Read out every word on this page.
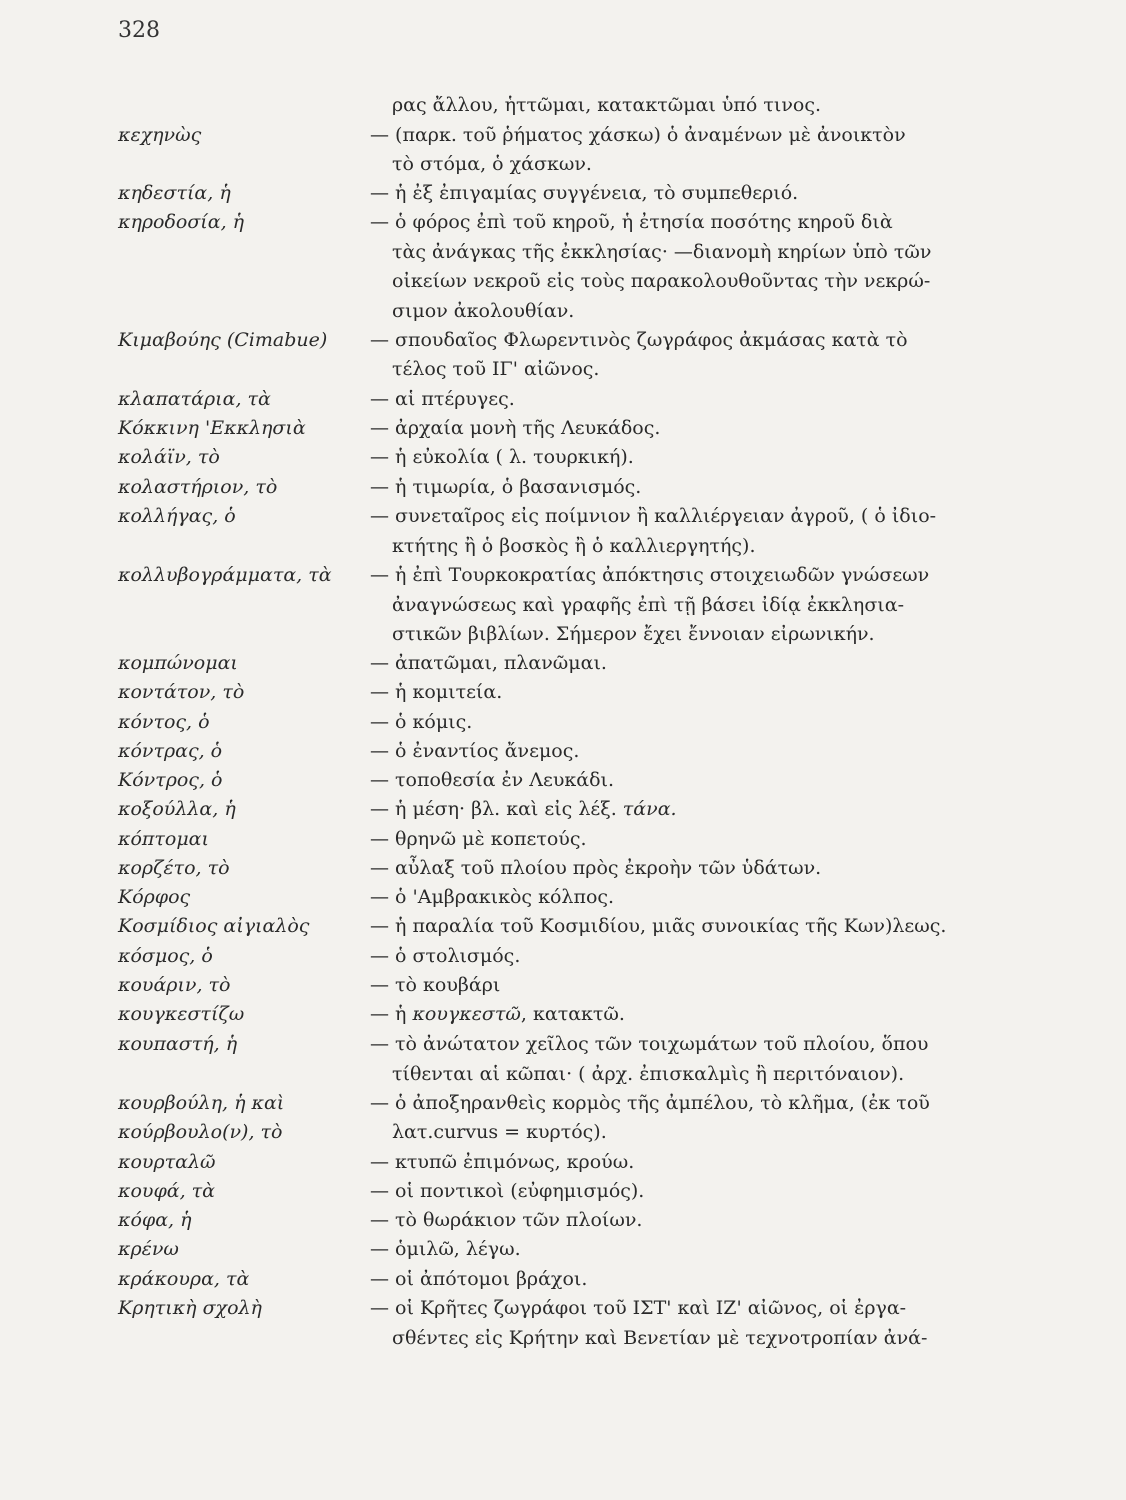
328
ρας ἄλλου, ἡττῶμαι, κατακτῶμαι ὑπό τινος.
κεχηνὼς	— (παρκ. τοῦ ῥήματος χάσκω) ὁ ἀναμένων μὲ ἀνοικτὸν
τὸ στόμα, ὁ χάσκων.
κηδεστία, ἡ	— ἡ ἐξ ἐπιγαμίας συγγένεια, τὸ συμπεθεριό.
κηροδοσία, ἡ	— ὁ φόρος ἐπὶ τοῦ κηροῦ, ἡ ἐτησία ποσότης κηροῦ διὰ
τὰς ἀνάγκας τῆς ἐκκλησίας· —διανομὴ κηρίων ὑπὸ τῶν
οἰκείων νεκροῦ εἰς τοὺς παρακολουθοῦντας τὴν νεκρώ-
σιμον ἀκολουθίαν.
Κιμαβούης (Cimabue) — σπουδαῖος Φλωρεντινὸς ζωγράφος ἀκμάσας κατὰ τὸ
τέλος τοῦ ΙΓ' αἰῶνος.
κλαπατάρια, τὰ	— αἱ πτέρυγες.
Κόκκινη 'Εκκλησιὰ	— ἀρχαία μονὴ τῆς Λευκάδος.
κολάϊν, τὸ	— ἡ εὐκολία ( λ. τουρκική).
κολαστήριον, τὸ	— ἡ τιμωρία, ὁ βασανισμός.
κολλήγας, ὁ	— συνεταῖρος εἰς ποίμνιον ἢ καλλιέργειαν ἀγροῦ, ( ὁ ἰδιο-
κτήτης ἢ ὁ βοσκὸς ἢ ὁ καλλιεργητής).
κολλυβογράμματα, τὰ — ἡ ἐπὶ Τουρκοκρατίας ἀπόκτησις στοιχειωδῶν γνώσεων
ἀναγνώσεως καὶ γραφῆς ἐπὶ τῇ βάσει ἰδίᾳ ἐκκλησια-
στικῶν βιβλίων. Σήμερον ἔχει ἔννοιαν εἰρωνικήν.
κομπώνομαι	— ἀπατῶμαι, πλανῶμαι.
κοντάτον, τὸ	— ἡ κομιτεία.
κόντος, ὁ	— ὁ κόμις.
κόντρας, ὁ	— ὁ ἐναντίος ἄνεμος.
Κόντρος, ὁ	— τοποθεσία ἐν Λευκάδι.
κοξούλλα, ἡ	— ἡ μέση· βλ. καὶ εἰς λέξ. τάνα.
κόπτομαι	— θρηνῶ μὲ κοπετούς.
κορζέτο, τὸ	— αὖλαξ τοῦ πλοίου πρὸς ἐκροὴν τῶν ὑδάτων.
Κόρφος	— ὁ 'Αμβρακικὸς κόλπος.
Κοσμίδιος αἰγιαλὸς	— ἡ παραλία τοῦ Κοσμιδίου, μιᾶς συνοικίας τῆς Κων)λεως.
κόσμος, ὁ	— ὁ στολισμός.
κουάριν, τὸ	— τὸ κουβάρι
κουγκεστίζω	— ἡ κουγκεστῶ, κατακτῶ.
κουπαστή, ἡ	— τὸ ἀνώτατον χεῖλος τῶν τοιχωμάτων τοῦ πλοίου, ὅπου
τίθενται αἱ κῶπαι· ( ἀρχ. ἐπισκαλμὶς ἢ περιτόναιον).
κουρβούλη, ἡ καὶ	— ὁ ἀποξηρανθεὶς κορμὸς τῆς ἀμπέλου, τὸ κλῆμα, (ἐκ τοῦ
κούρβουλο(ν), τὸ	λατ.curvus = κυρτός).
κουρταλῶ	— κτυπῶ ἐπιμόνως, κρούω.
κουφά, τὰ	— οἱ ποντικοὶ (εὐφημισμός).
κόφα, ἡ	— τὸ θωράκιον τῶν πλοίων.
κρένω	— ὁμιλῶ, λέγω.
κράκουρα, τὰ	— οἱ ἀπότομοι βράχοι.
Κρητικὴ σχολὴ	— οἱ Κρῆτες ζωγράφοι τοῦ ΙΣΤ' καὶ ΙΖ' αἰῶνος, οἱ ἐργα-
σθέντες εἰς Κρήτην καὶ Βενετίαν μὲ τεχνοτροπίαν ἀνά-
